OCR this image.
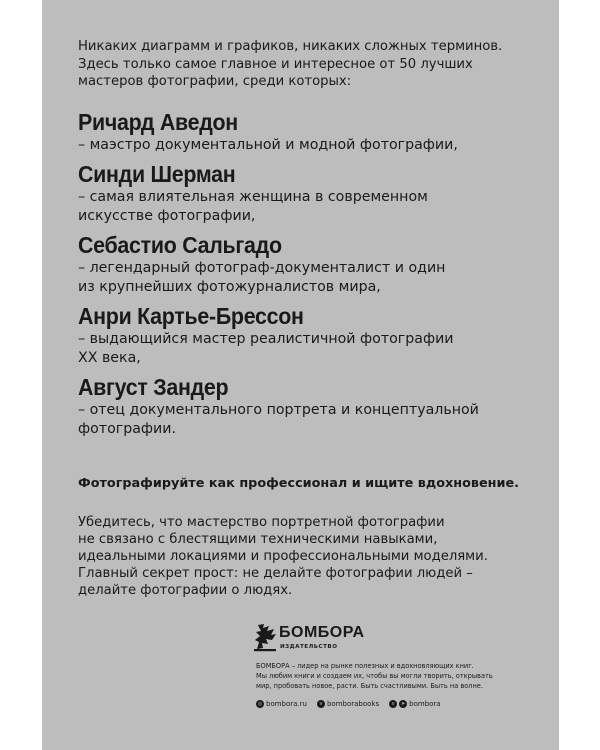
Никаких диаграмм и графиков, никаких сложных терминов.
Здесь только самое главное и интересное от 50 лучших
мастеров фотографии, среди которых:

Ричард Аведон

– маэстро документальной и модной фотографии,

Синди Шерман

– самая влиятельная женщина в современном
искусстве фотографии,

Себастио Сальгадо

– легендарный фотограф-документалист и один
из крупнейших фотожурналистов мира,

Анри Картье-Брессон

– выдающийся мастер реалистичной фотографии
XX века,

Август Зандер

– отец документального портрета и концептуальной
фотографии.

Фотографируйте как профессионал и ищите вдохновение.

Убедитесь, что мастерство портретной фотографии
не связано с блестящими техническими навыками,
идеальными локациями и профессиональными моделями.
Главный секрет прост: не делайте фотографии людей –
делайте фотографии о людях.

БОМБОРА
ИЗДАТЕЛЬСТВО

БОМБОРА – лидер на рынке полезных и вдохновляющих книг.
Мы любим книги и создаем их, чтобы вы могли творить, открывать
мир, пробовать новое, расти. Быть счастливыми. Быть на волне.

◎ bombora.ru	v bomborabooks	v	➤ bombora
